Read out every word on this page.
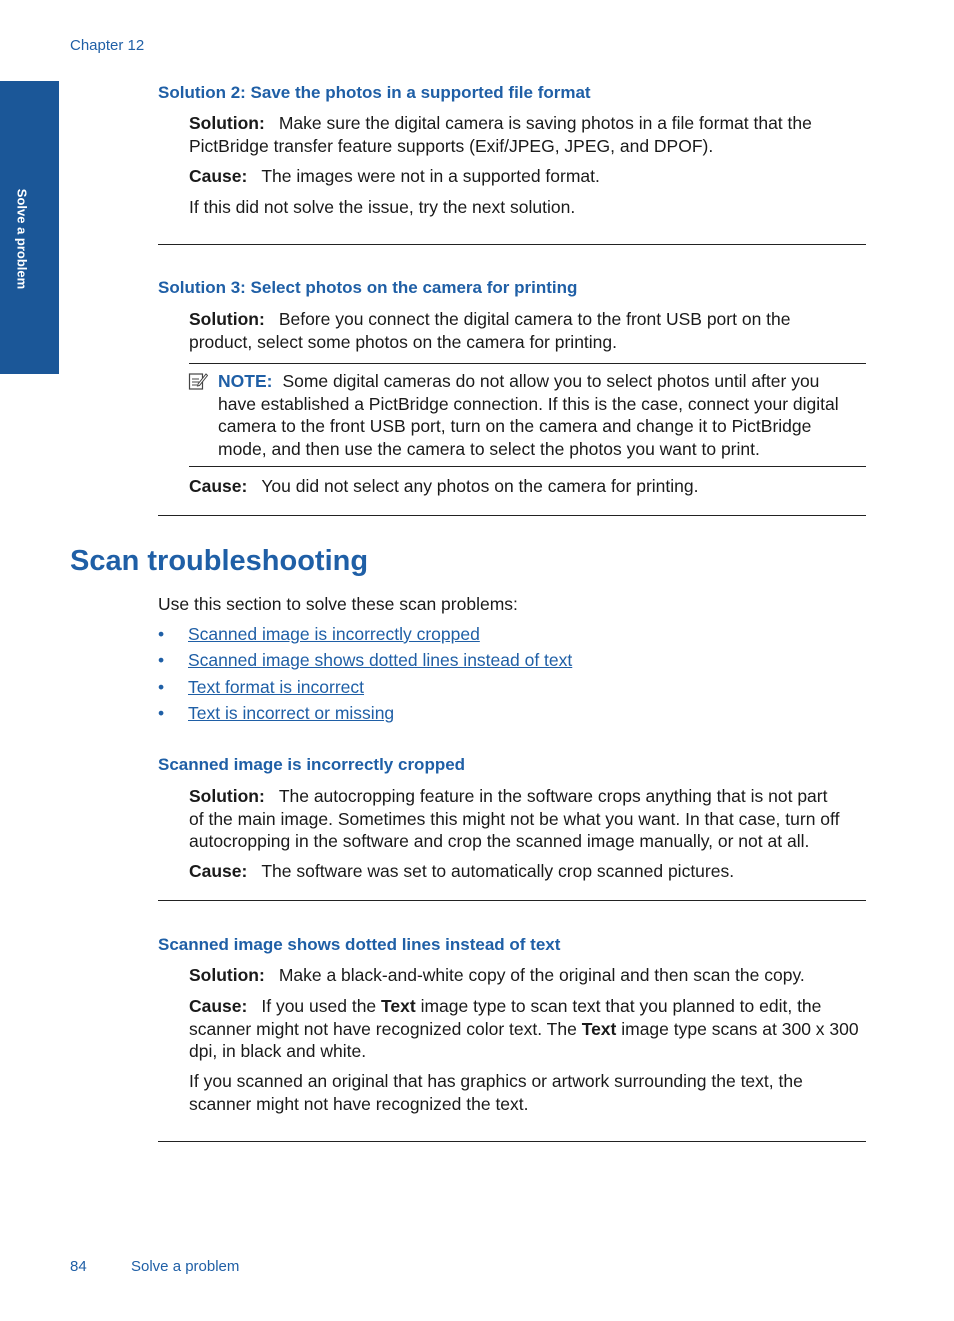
Chapter 12
Solve a problem
Solution 2: Save the photos in a supported file format
Solution: Make sure the digital camera is saving photos in a file format that the
PictBridge transfer feature supports (Exif/JPEG, JPEG, and DPOF).
Cause: The images were not in a supported format.
If this did not solve the issue, try the next solution.
Solution 3: Select photos on the camera for printing
Solution: Before you connect the digital camera to the front USB port on the
product, select some photos on the camera for printing.
NOTE: Some digital cameras do not allow you to select photos until after you
have established a PictBridge connection. If this is the case, connect your digital
camera to the front USB port, turn on the camera and change it to PictBridge
mode, and then use the camera to select the photos you want to print.
Cause: You did not select any photos on the camera for printing.
Scan troubleshooting
Use this section to solve these scan problems:
• Scanned image is incorrectly cropped
• Scanned image shows dotted lines instead of text
• Text format is incorrect
• Text is incorrect or missing
Scanned image is incorrectly cropped
Solution: The autocropping feature in the software crops anything that is not part
of the main image. Sometimes this might not be what you want. In that case, turn off
autocropping in the software and crop the scanned image manually, or not at all.
Cause: The software was set to automatically crop scanned pictures.
Scanned image shows dotted lines instead of text
Solution: Make a black-and-white copy of the original and then scan the copy.
Cause: If you used the Text image type to scan text that you planned to edit, the
scanner might not have recognized color text. The Text image type scans at 300 x 300
dpi, in black and white.
If you scanned an original that has graphics or artwork surrounding the text, the
scanner might not have recognized the text.
84	Solve a problem
